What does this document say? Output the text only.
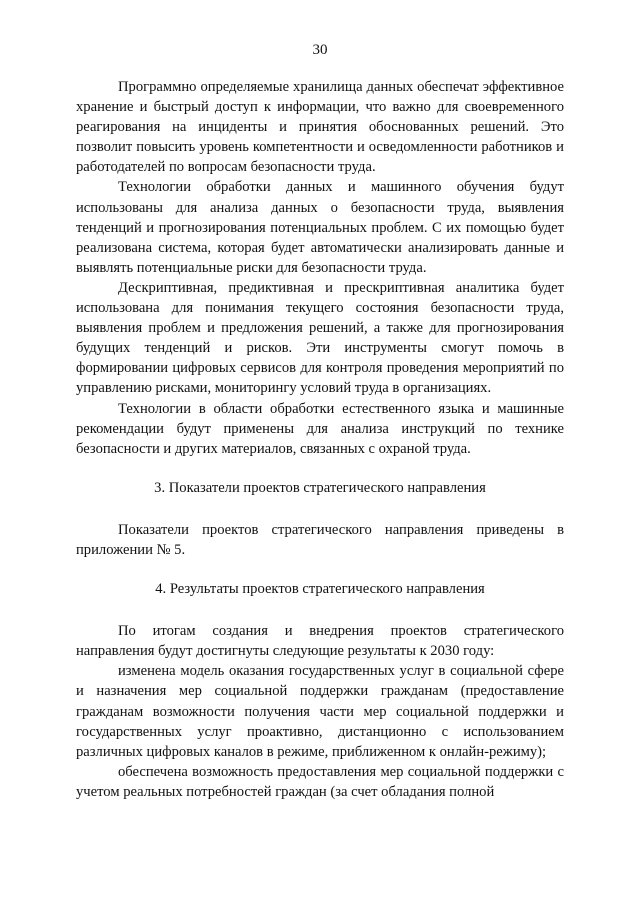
30

Программно определяемые хранилища данных обеспечат эффективное хранение и быстрый доступ к информации, что важно для своевременного реагирования на инциденты и принятия обоснованных решений. Это позволит повысить уровень компетентности и осведомленности работников и работодателей по вопросам безопасности труда.

Технологии обработки данных и машинного обучения будут использованы для анализа данных о безопасности труда, выявления тенденций и прогнозирования потенциальных проблем. С их помощью будет реализована система, которая будет автоматически анализировать данные и выявлять потенциальные риски для безопасности труда.

Дескриптивная, предиктивная и прескриптивная аналитика будет использована для понимания текущего состояния безопасности труда, выявления проблем и предложения решений, а также для прогнозирования будущих тенденций и рисков. Эти инструменты смогут помочь в формировании цифровых сервисов для контроля проведения мероприятий по управлению рисками, мониторингу условий труда в организациях.

Технологии в области обработки естественного языка и машинные рекомендации будут применены для анализа инструкций по технике безопасности и других материалов, связанных с охраной труда.

3. Показатели проектов стратегического направления

Показатели проектов стратегического направления приведены в приложении № 5.

4. Результаты проектов стратегического направления

По итогам создания и внедрения проектов стратегического направления будут достигнуты следующие результаты к 2030 году:

изменена модель оказания государственных услуг в социальной сфере и назначения мер социальной поддержки гражданам (предоставление гражданам возможности получения части мер социальной поддержки и государственных услуг проактивно, дистанционно с использованием различных цифровых каналов в режиме, приближенном к онлайн-режиму);

обеспечена возможность предоставления мер социальной поддержки с учетом реальных потребностей граждан (за счет обладания полной
